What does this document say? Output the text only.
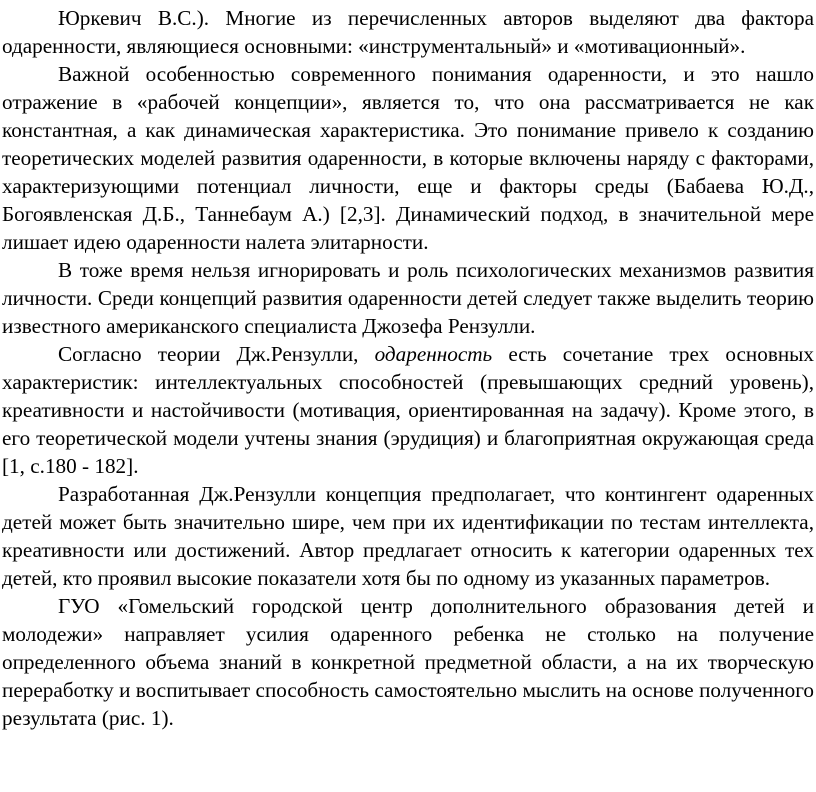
Юркевич В.С.). Многие из перечисленных авторов выделяют два фактора одаренности, являющиеся основными: «инструментальный» и «мотивационный».

Важной особенностью современного понимания одаренности, и это нашло отражение в «рабочей концепции», является то, что она рассматривается не как константная, а как динамическая характеристика. Это понимание привело к созданию теоретических моделей развития одаренности, в которые включены наряду с факторами, характеризующими потенциал личности, еще и факторы среды (Бабаева Ю.Д., Богоявленская Д.Б., Таннебаум А.) [2,3]. Динамический подход, в значительной мере лишает идею одаренности налета элитарности.

В тоже время нельзя игнорировать и роль психологических механизмов развития личности. Среди концепций развития одаренности детей следует также выделить теорию известного американского специалиста Джозефа Рензулли.

Согласно теории Дж.Рензулли, одаренность есть сочетание трех основных характеристик: интеллектуальных способностей (превышающих средний уровень), креативности и настойчивости (мотивация, ориентированная на задачу). Кроме этого, в его теоретической модели учтены знания (эрудиция) и благоприятная окружающая среда [1, с.180 - 182].

Разработанная Дж.Рензулли концепция предполагает, что контингент одаренных детей может быть значительно шире, чем при их идентификации по тестам интеллекта, креативности или достижений. Автор предлагает относить к категории одаренных тех детей, кто проявил высокие показатели хотя бы по одному из указанных параметров.

ГУО «Гомельский городской центр дополнительного образования детей и молодежи» направляет усилия одаренного ребенка не столько на получение определенного объема знаний в конкретной предметной области, а на их творческую переработку и воспитывает способность самостоятельно мыслить на основе полученного результата (рис. 1).
